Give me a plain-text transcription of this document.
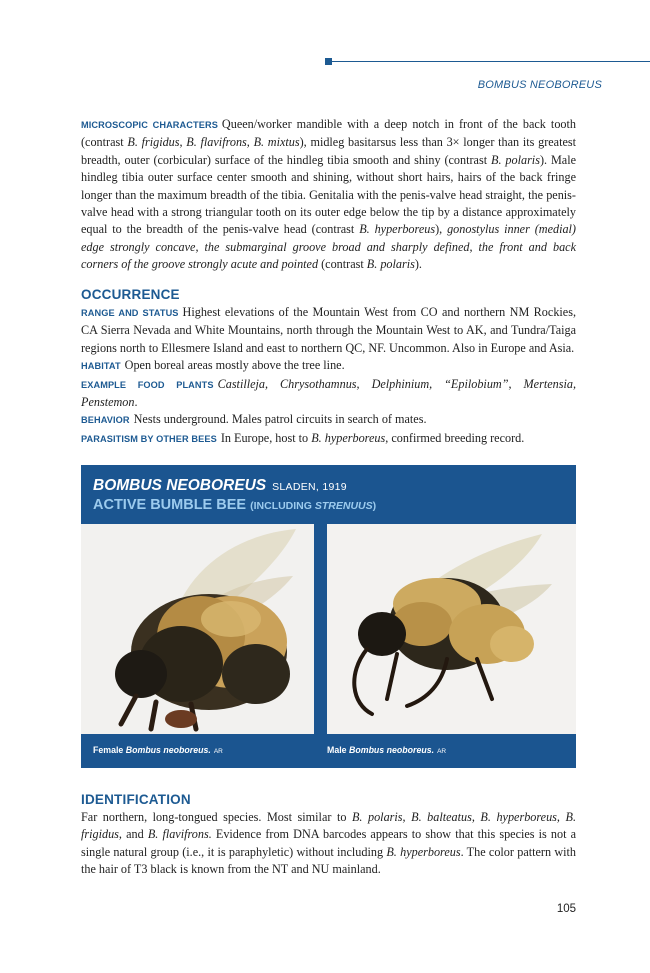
BOMBUS NEOBOREUS

MICROSCOPIC CHARACTERS Queen/worker mandible with a deep notch in front of the back tooth (contrast B. frigidus, B. flavifrons, B. mixtus), midleg basitarsus less than 3× longer than its greatest breadth, outer (corbicular) surface of the hindleg tibia smooth and shiny (contrast B. polaris). Male hindleg tibia outer surface center smooth and shining, without short hairs, hairs of the back fringe longer than the maximum breadth of the tibia. Genitalia with the penis-valve head straight, the penis-valve head with a strong triangular tooth on its outer edge below the tip by a distance approximately equal to the breadth of the penis-valve head (contrast B. hyperboreus), gonostylus inner (medial) edge strongly concave, the submarginal groove broad and sharply defined, the front and back corners of the groove strongly acute and pointed (contrast B. polaris).

OCCURRENCE

RANGE AND STATUS Highest elevations of the Mountain West from CO and northern NM Rockies, CA Sierra Nevada and White Mountains, north through the Mountain West to AK, and Tundra/Taiga regions north to Ellesmere Island and east to northern QC, NF. Uncommon. Also in Europe and Asia.

HABITAT Open boreal areas mostly above the tree line.

EXAMPLE FOOD PLANTS Castilleja, Chrysothamnus, Delphinium, “Epilobium”, Mertensia, Penstemon.

BEHAVIOR Nests underground. Males patrol circuits in search of mates.

PARASITISM BY OTHER BEES In Europe, host to B. hyperboreus, confirmed breeding record.

BOMBUS NEOBOREUS SLADEN, 1919
ACTIVE BUMBLE BEE (INCLUDING STRENUUS)
Female Bombus neoboreus. AR	Male Bombus neoboreus. AR
IDENTIFICATION

Far northern, long-tongued species. Most similar to B. polaris, B. balteatus, B. hyperboreus, B. frigidus, and B. flavifrons. Evidence from DNA barcodes appears to show that this species is not a single natural group (i.e., it is paraphyletic) without including B. hyperboreus. The color pattern with the hair of T3 black is known from the NT and NU mainland.

105
